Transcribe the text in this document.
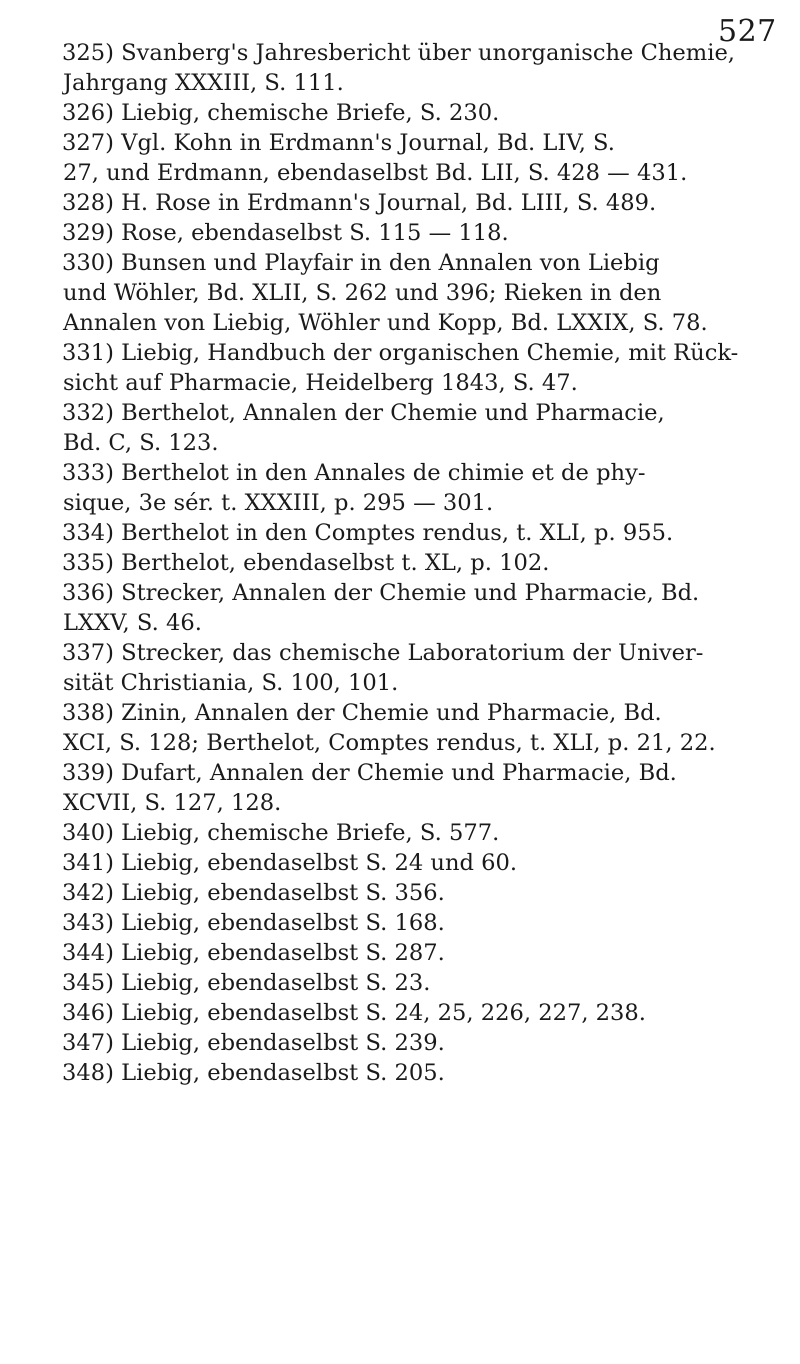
527
325) Svanberg's Jahresbericht über unorganische Chemie,
Jahrgang XXXIII, S. 111.
326) Liebig, chemische Briefe, S. 230.
327) Vgl. Kohn in Erdmann's Journal, Bd. LIV, S.
27, und Erdmann, ebendaselbst Bd. LII, S. 428 — 431.
328) H. Rose in Erdmann's Journal, Bd. LIII, S. 489.
329) Rose, ebendaselbst S. 115 — 118.
330) Bunsen und Playfair in den Annalen von Liebig
und Wöhler, Bd. XLII, S. 262 und 396; Rieken in den
Annalen von Liebig, Wöhler und Kopp, Bd. LXXIX, S. 78.
331) Liebig, Handbuch der organischen Chemie, mit Rück-
sicht auf Pharmacie, Heidelberg 1843, S. 47.
332) Berthelot, Annalen der Chemie und Pharmacie,
Bd. C, S. 123.
333) Berthelot in den Annales de chimie et de phy-
sique, 3e sér. t. XXXIII, p. 295 — 301.
334) Berthelot in den Comptes rendus, t. XLI, p. 955.
335) Berthelot, ebendaselbst t. XL, p. 102.
336) Strecker, Annalen der Chemie und Pharmacie, Bd.
LXXV, S. 46.
337) Strecker, das chemische Laboratorium der Univer-
sität Christiania, S. 100, 101.
338) Zinin, Annalen der Chemie und Pharmacie, Bd.
XCI, S. 128; Berthelot, Comptes rendus, t. XLI, p. 21, 22.
339) Dufart, Annalen der Chemie und Pharmacie, Bd.
XCVII, S. 127, 128.
340) Liebig, chemische Briefe, S. 577.
341) Liebig, ebendaselbst S. 24 und 60.
342) Liebig, ebendaselbst S. 356.
343) Liebig, ebendaselbst S. 168.
344) Liebig, ebendaselbst S. 287.
345) Liebig, ebendaselbst S. 23.
346) Liebig, ebendaselbst S. 24, 25, 226, 227, 238.
347) Liebig, ebendaselbst S. 239.
348) Liebig, ebendaselbst S. 205.
